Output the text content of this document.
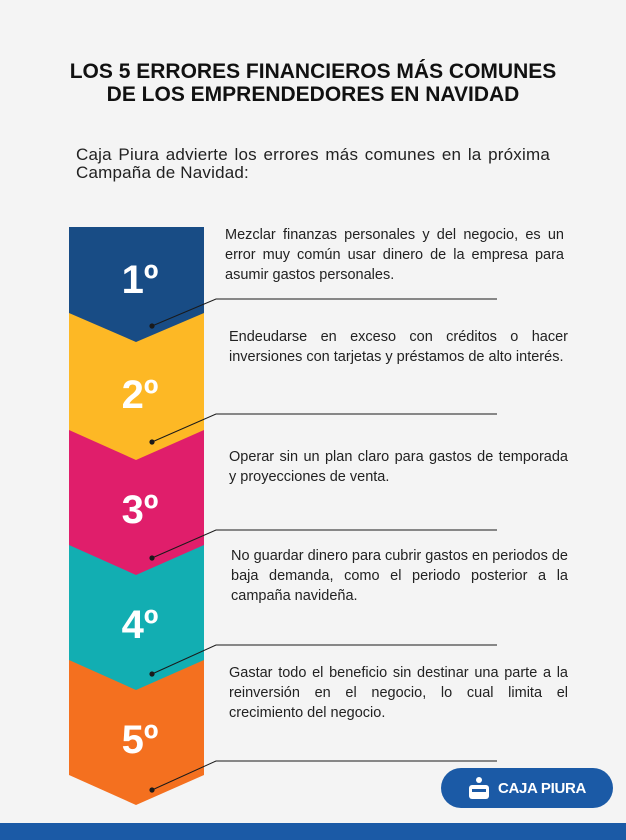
LOS 5 ERRORES FINANCIEROS MÁS COMUNES DE LOS EMPRENDEDORES EN NAVIDAD
Caja Piura advierte los errores más comunes en la próxima Campaña de Navidad:
1º
2º
3º
4º
5º
Mezclar finanzas personales y del negocio, es un error muy común usar dinero de la empresa para asumir gastos personales.
Endeudarse en exceso con créditos o hacer inversiones con tarjetas y préstamos de alto interés.
Operar sin un plan claro para gastos de temporada y proyecciones de venta.
No guardar dinero para cubrir gastos en periodos de baja demanda, como el periodo posterior a la campaña navideña.
Gastar todo el beneficio sin destinar una parte a la reinversión en el negocio, lo cual limita el crecimiento del negocio.
CAJA PIURA
